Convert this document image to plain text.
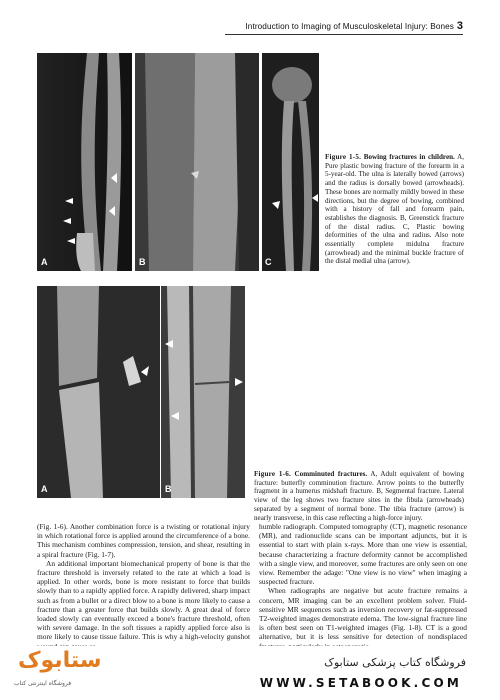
Introduction to Imaging of Musculoskeletal Injury: Bones 3
A	B	C
Figure 1-5. Bowing fractures in children. A, Pure plastic bowing fracture of the forearm in a 5-year-old. The ulna is laterally bowed (arrows) and the radius is dorsally bowed (arrowheads). These bones are normally mildly bowed in these directions, but the degree of bowing, combined with a history of fall and forearm pain, establishes the diagnosis. B, Greenstick fracture of the distal radius. C, Plastic bowing deformities of the ulna and radius. Also note essentially complete midulna fracture (arrowhead) and the minimal buckle fracture of the distal medial ulna (arrow).
A	B
Figure 1-6. Comminuted fractures. A, Adult equivalent of bowing fracture: butterfly comminution fracture. Arrow points to the butterfly fragment in a humerus midshaft fracture. B, Segmental fracture. Lateral view of the leg shows two fracture sites in the fibula (arrowheads) separated by a segment of normal bone. The tibia fracture (arrow) is nearly transverse, in this case reflecting a high-force injury.

(Fig. 1-6). Another combination force is a twisting or rotational injury in which rotational force is applied around the circumference of a bone. This mechanism combines compression, tension, and shear, resulting in a spiral fracture (Fig. 1-7).

An additional important biomechanical property of bone is that the fracture threshold is inversely related to the rate at which a load is applied. In other words, bone is more resistant to force that builds slowly than to a rapidly applied force. A rapidly delivered, sharp impact such as from a bullet or a direct blow to a bone is more likely to cause a fracture than a greater force that builds slowly. A great deal of force loaded slowly can eventually exceed a bone's fracture threshold, often with severe damage. In the soft tissues a rapidly applied force also is more likely to cause tissue failure. This is why a high-velocity gunshot

humble radiograph. Computed tomography (CT), magnetic resonance (MR), and radionuclide scans can be important adjuncts, but it is essential to start with plain x-rays. More than one view is essential, because characterizing a fracture deformity cannot be accomplished with a single view, and moreover, some fractures are only seen on one view. Remember the adage: "One view is no view" when imaging a suspected fracture.

When radiographs are negative but acute fracture remains a concern, MR imaging can be an excellent problem solver. Fluid-sensitive MR sequences such as inversion recovery or fat-suppressed T2-weighted images demonstrate edema. The low-signal fracture line is often best seen on T1-weighted images (Fig. 1-8). CT is a good alternative, but it is less sensitive for detection of nondisplaced

ستابوک
فروشگاه اینترنتی کتاب
فروشگاه کتاب پزشکی ستابوک
WWW.SETABOOK.COM
